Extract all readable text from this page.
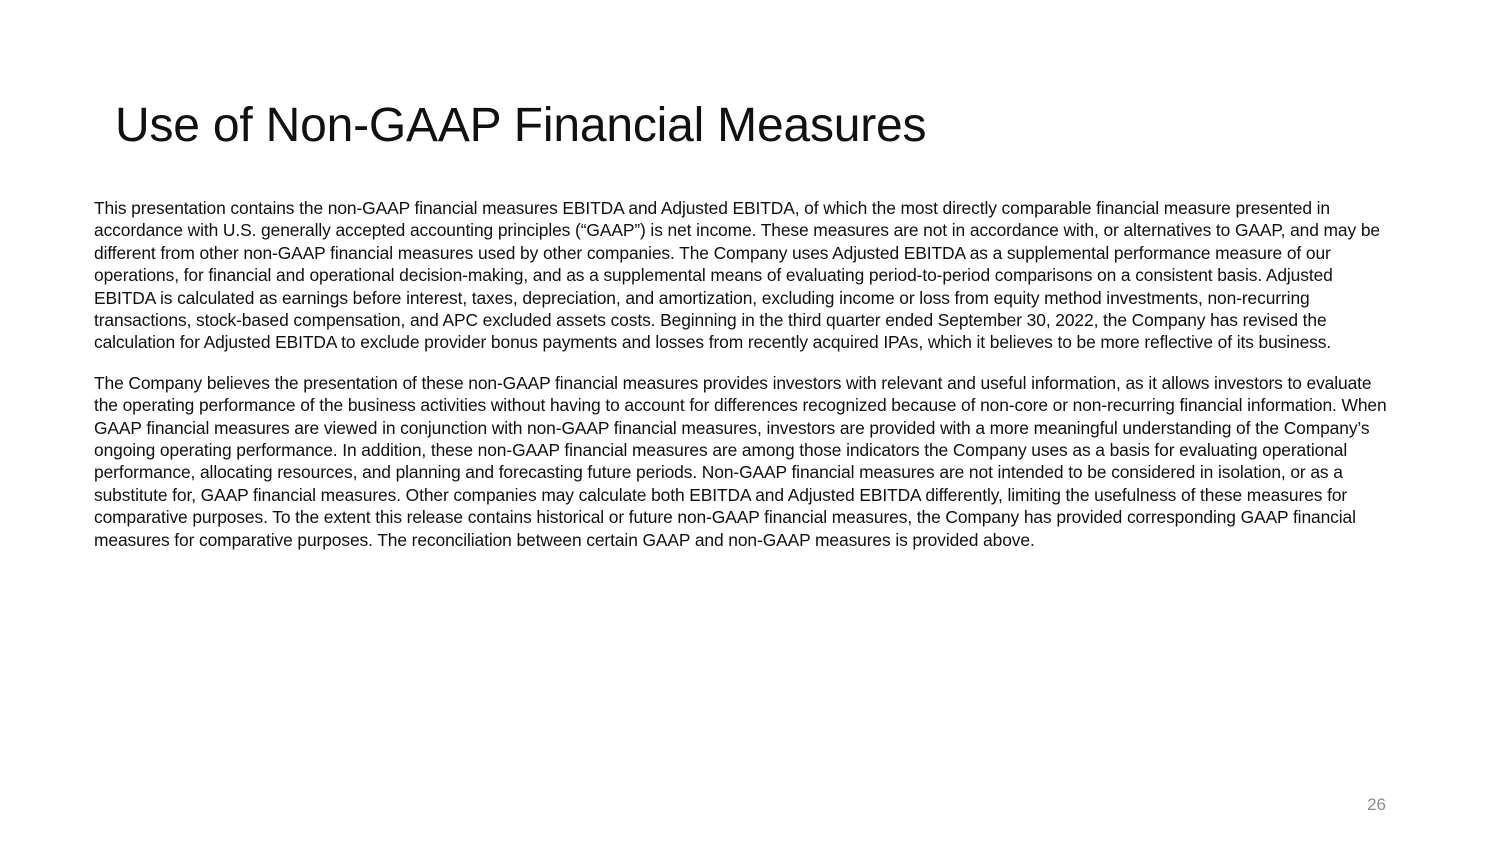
Use of Non-GAAP Financial Measures

This presentation contains the non-GAAP financial measures EBITDA and Adjusted EBITDA, of which the most directly comparable financial measure presented in accordance with U.S. generally accepted accounting principles (“GAAP”) is net income. These measures are not in accordance with, or alternatives to GAAP, and may be different from other non-GAAP financial measures used by other companies. The Company uses Adjusted EBITDA as a supplemental performance measure of our operations, for financial and operational decision-making, and as a supplemental means of evaluating period-to-period comparisons on a consistent basis. Adjusted EBITDA is calculated as earnings before interest, taxes, depreciation, and amortization, excluding income or loss from equity method investments, non-recurring transactions, stock-based compensation, and APC excluded assets costs. Beginning in the third quarter ended September 30, 2022, the Company has revised the calculation for Adjusted EBITDA to exclude provider bonus payments and losses from recently acquired IPAs, which it believes to be more reflective of its business.

The Company believes the presentation of these non-GAAP financial measures provides investors with relevant and useful information, as it allows investors to evaluate the operating performance of the business activities without having to account for differences recognized because of non-core or non-recurring financial information. When GAAP financial measures are viewed in conjunction with non-GAAP financial measures, investors are provided with a more meaningful understanding of the Company’s ongoing operating performance. In addition, these non-GAAP financial measures are among those indicators the Company uses as a basis for evaluating operational performance, allocating resources, and planning and forecasting future periods. Non-GAAP financial measures are not intended to be considered in isolation, or as a substitute for, GAAP financial measures. Other companies may calculate both EBITDA and Adjusted EBITDA differently, limiting the usefulness of these measures for comparative purposes. To the extent this release contains historical or future non-GAAP financial measures, the Company has provided corresponding GAAP financial measures for comparative purposes. The reconciliation between certain GAAP and non-GAAP measures is provided above.

26
